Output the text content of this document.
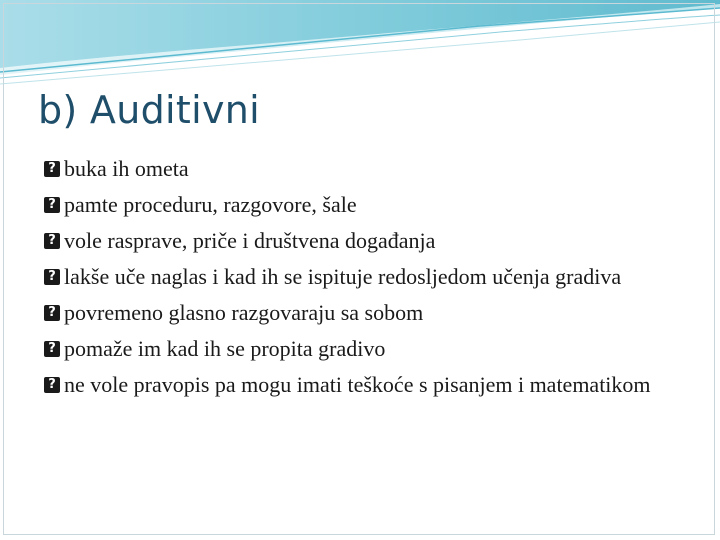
b) Auditivni
? buka ih ometa
? pamte proceduru, razgovore, šale
? vole rasprave, priče i društvena događanja
? lakše uče naglas i kad ih se ispituje redosljedom učenja gradiva
? povremeno glasno razgovaraju sa sobom
? pomaže im kad ih se propita gradivo
? ne vole pravopis pa mogu imati teškoće s pisanjem i matematikom
